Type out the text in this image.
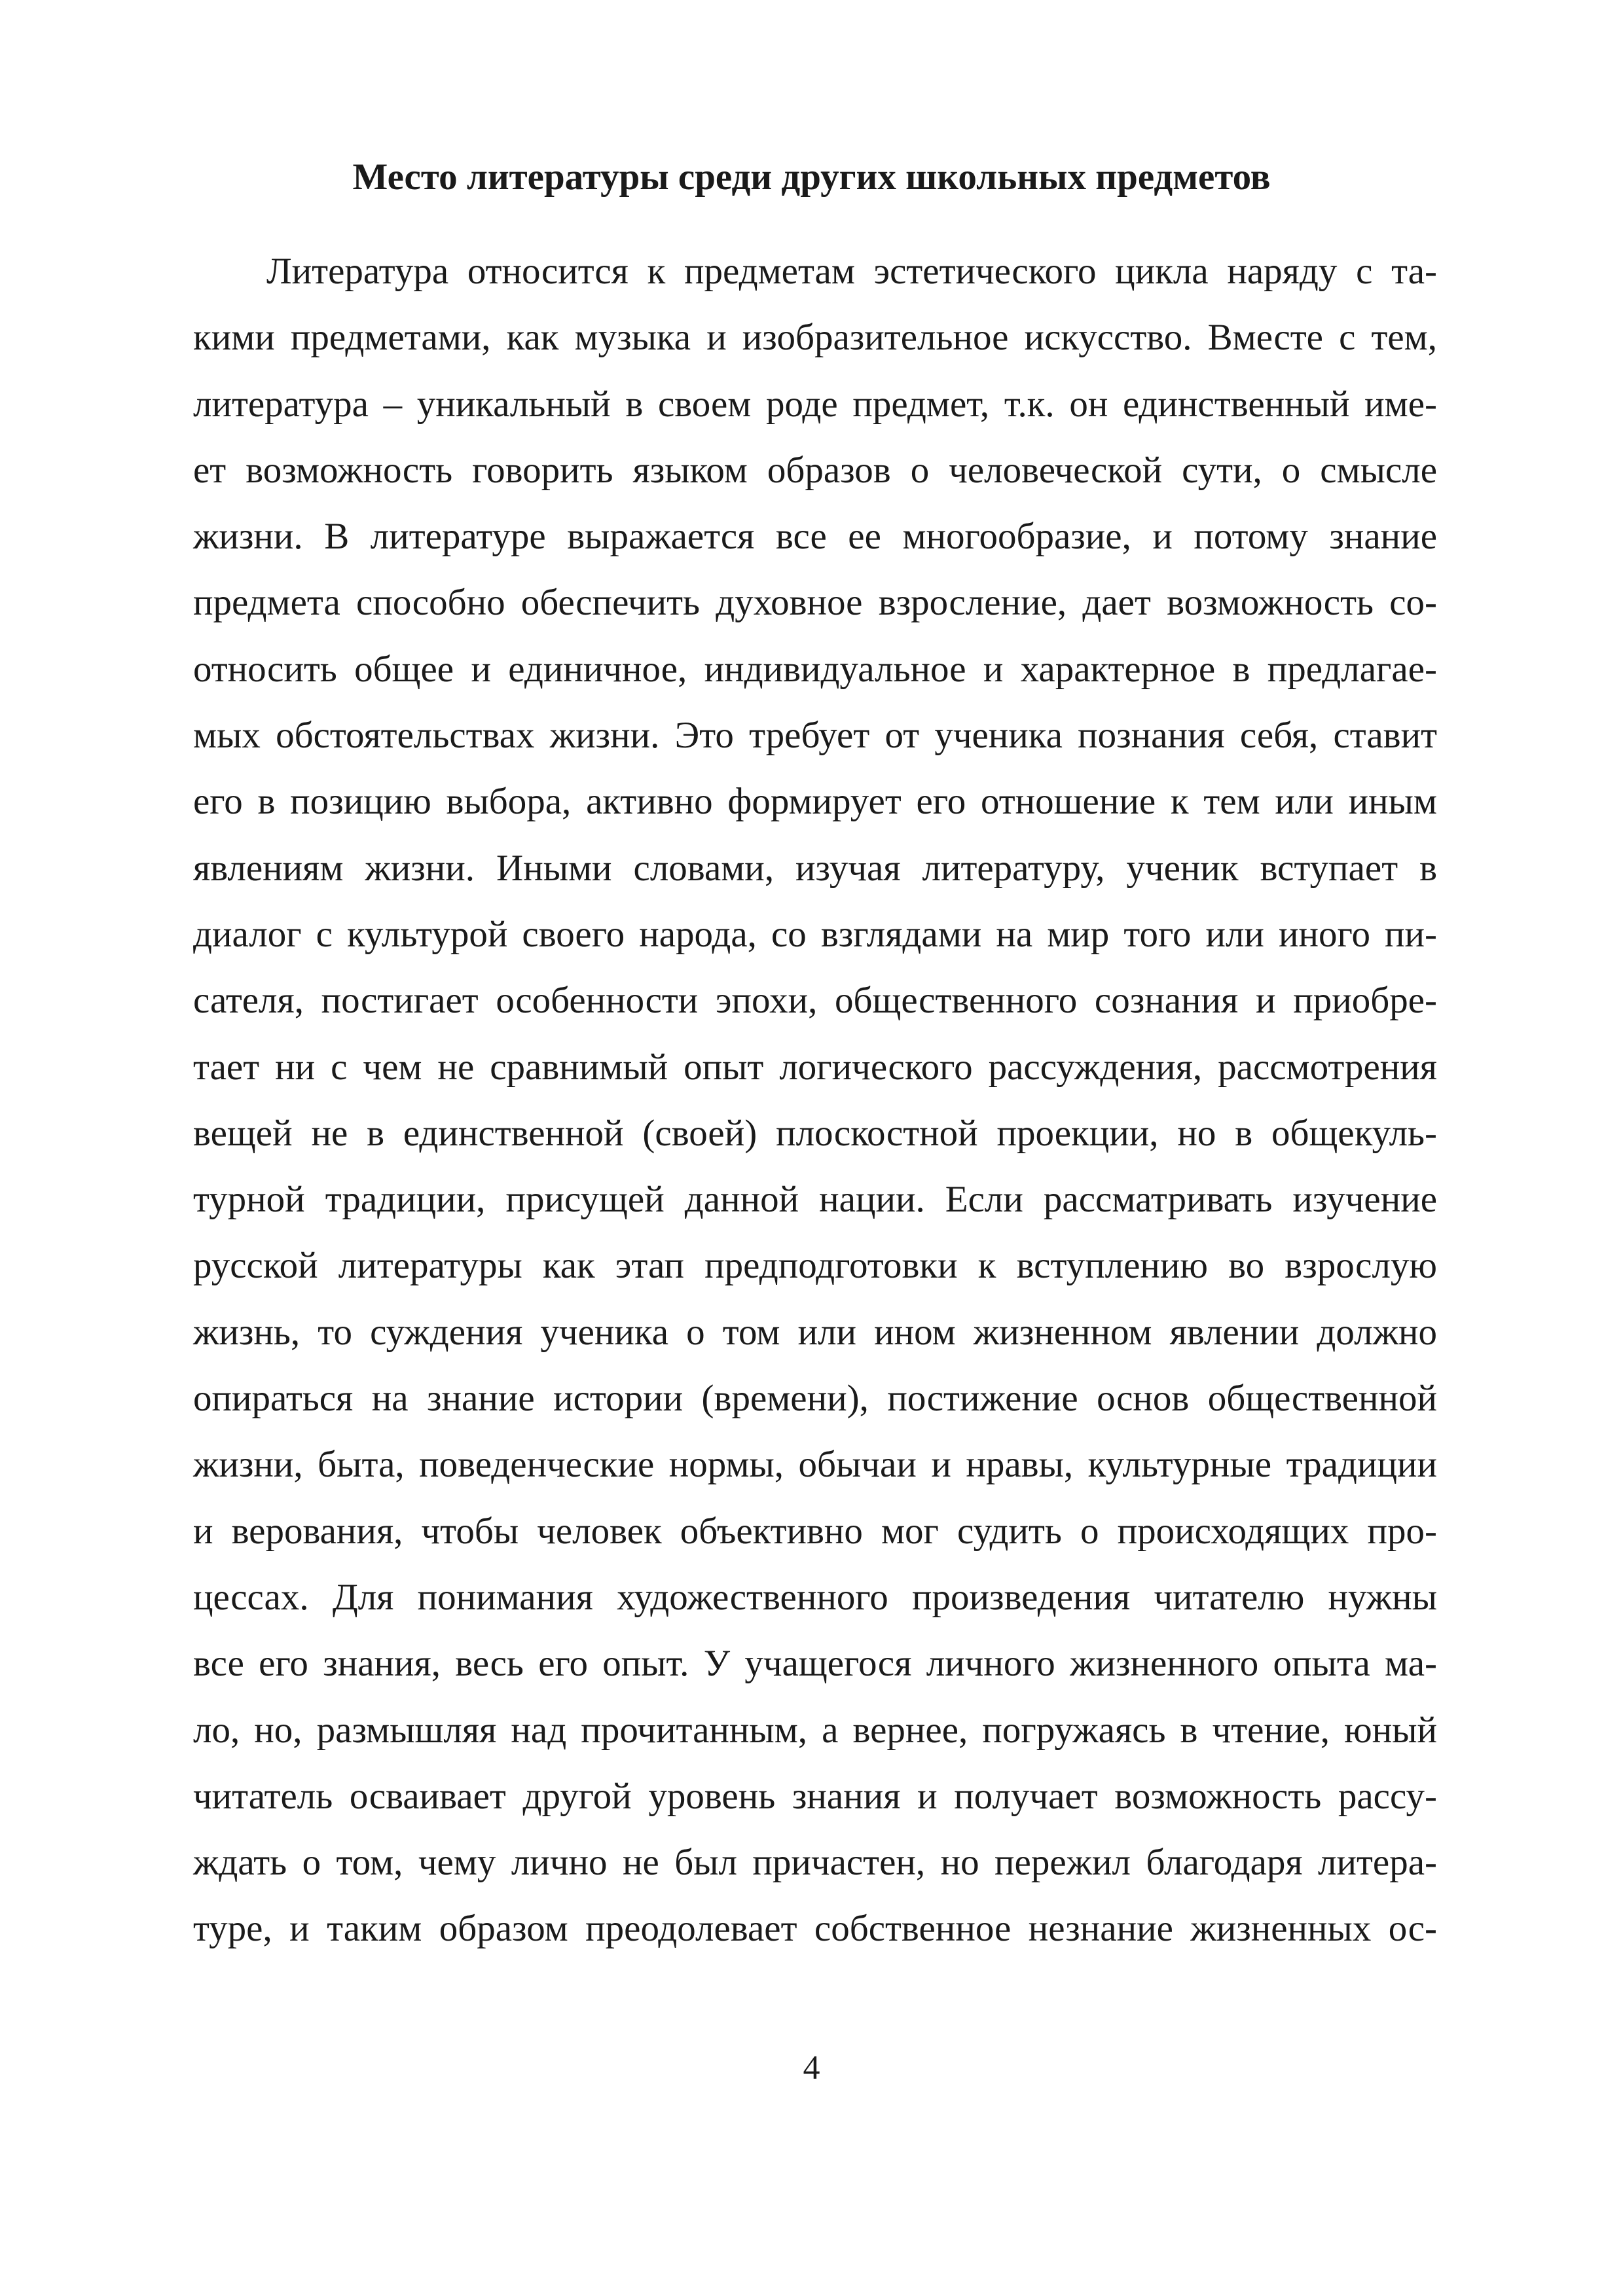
Место литературы среди других школьных предметов
Литература относится к предметам эстетического цикла наряду с та-
кими предметами, как музыка и изобразительное искусство. Вместе с тем,
литература – уникальный в своем роде предмет, т.к. он единственный име-
ет возможность говорить языком образов о человеческой сути, о смысле
жизни. В литературе выражается все ее многообразие, и потому знание
предмета способно обеспечить духовное взросление, дает возможность со-
относить общее и единичное, индивидуальное и характерное в предлагае-
мых обстоятельствах жизни. Это требует от ученика познания себя, ставит
его в позицию выбора, активно формирует его отношение к тем или иным
явлениям жизни. Иными словами, изучая литературу, ученик вступает в
диалог с культурой своего народа, со взглядами на мир того или иного пи-
сателя, постигает особенности эпохи, общественного сознания и приобре-
тает ни с чем не сравнимый опыт логического рассуждения, рассмотрения
вещей не в единственной (своей) плоскостной проекции, но в общекуль-
турной традиции, присущей данной нации. Если рассматривать изучение
русской литературы как этап предподготовки к вступлению во взрослую
жизнь, то суждения ученика о том или ином жизненном явлении должно
опираться на знание истории (времени), постижение основ общественной
жизни, быта, поведенческие нормы, обычаи и нравы, культурные традиции
и верования, чтобы человек объективно мог судить о происходящих про-
цессах. Для понимания художественного произведения читателю нужны
все его знания, весь его опыт. У учащегося личного жизненного опыта ма-
ло, но, размышляя над прочитанным, а вернее, погружаясь в чтение, юный
читатель осваивает другой уровень знания и получает возможность рассу-
ждать о том, чему лично не был причастен, но пережил благодаря литера-
туре, и таким образом преодолевает собственное незнание жизненных ос-
4
